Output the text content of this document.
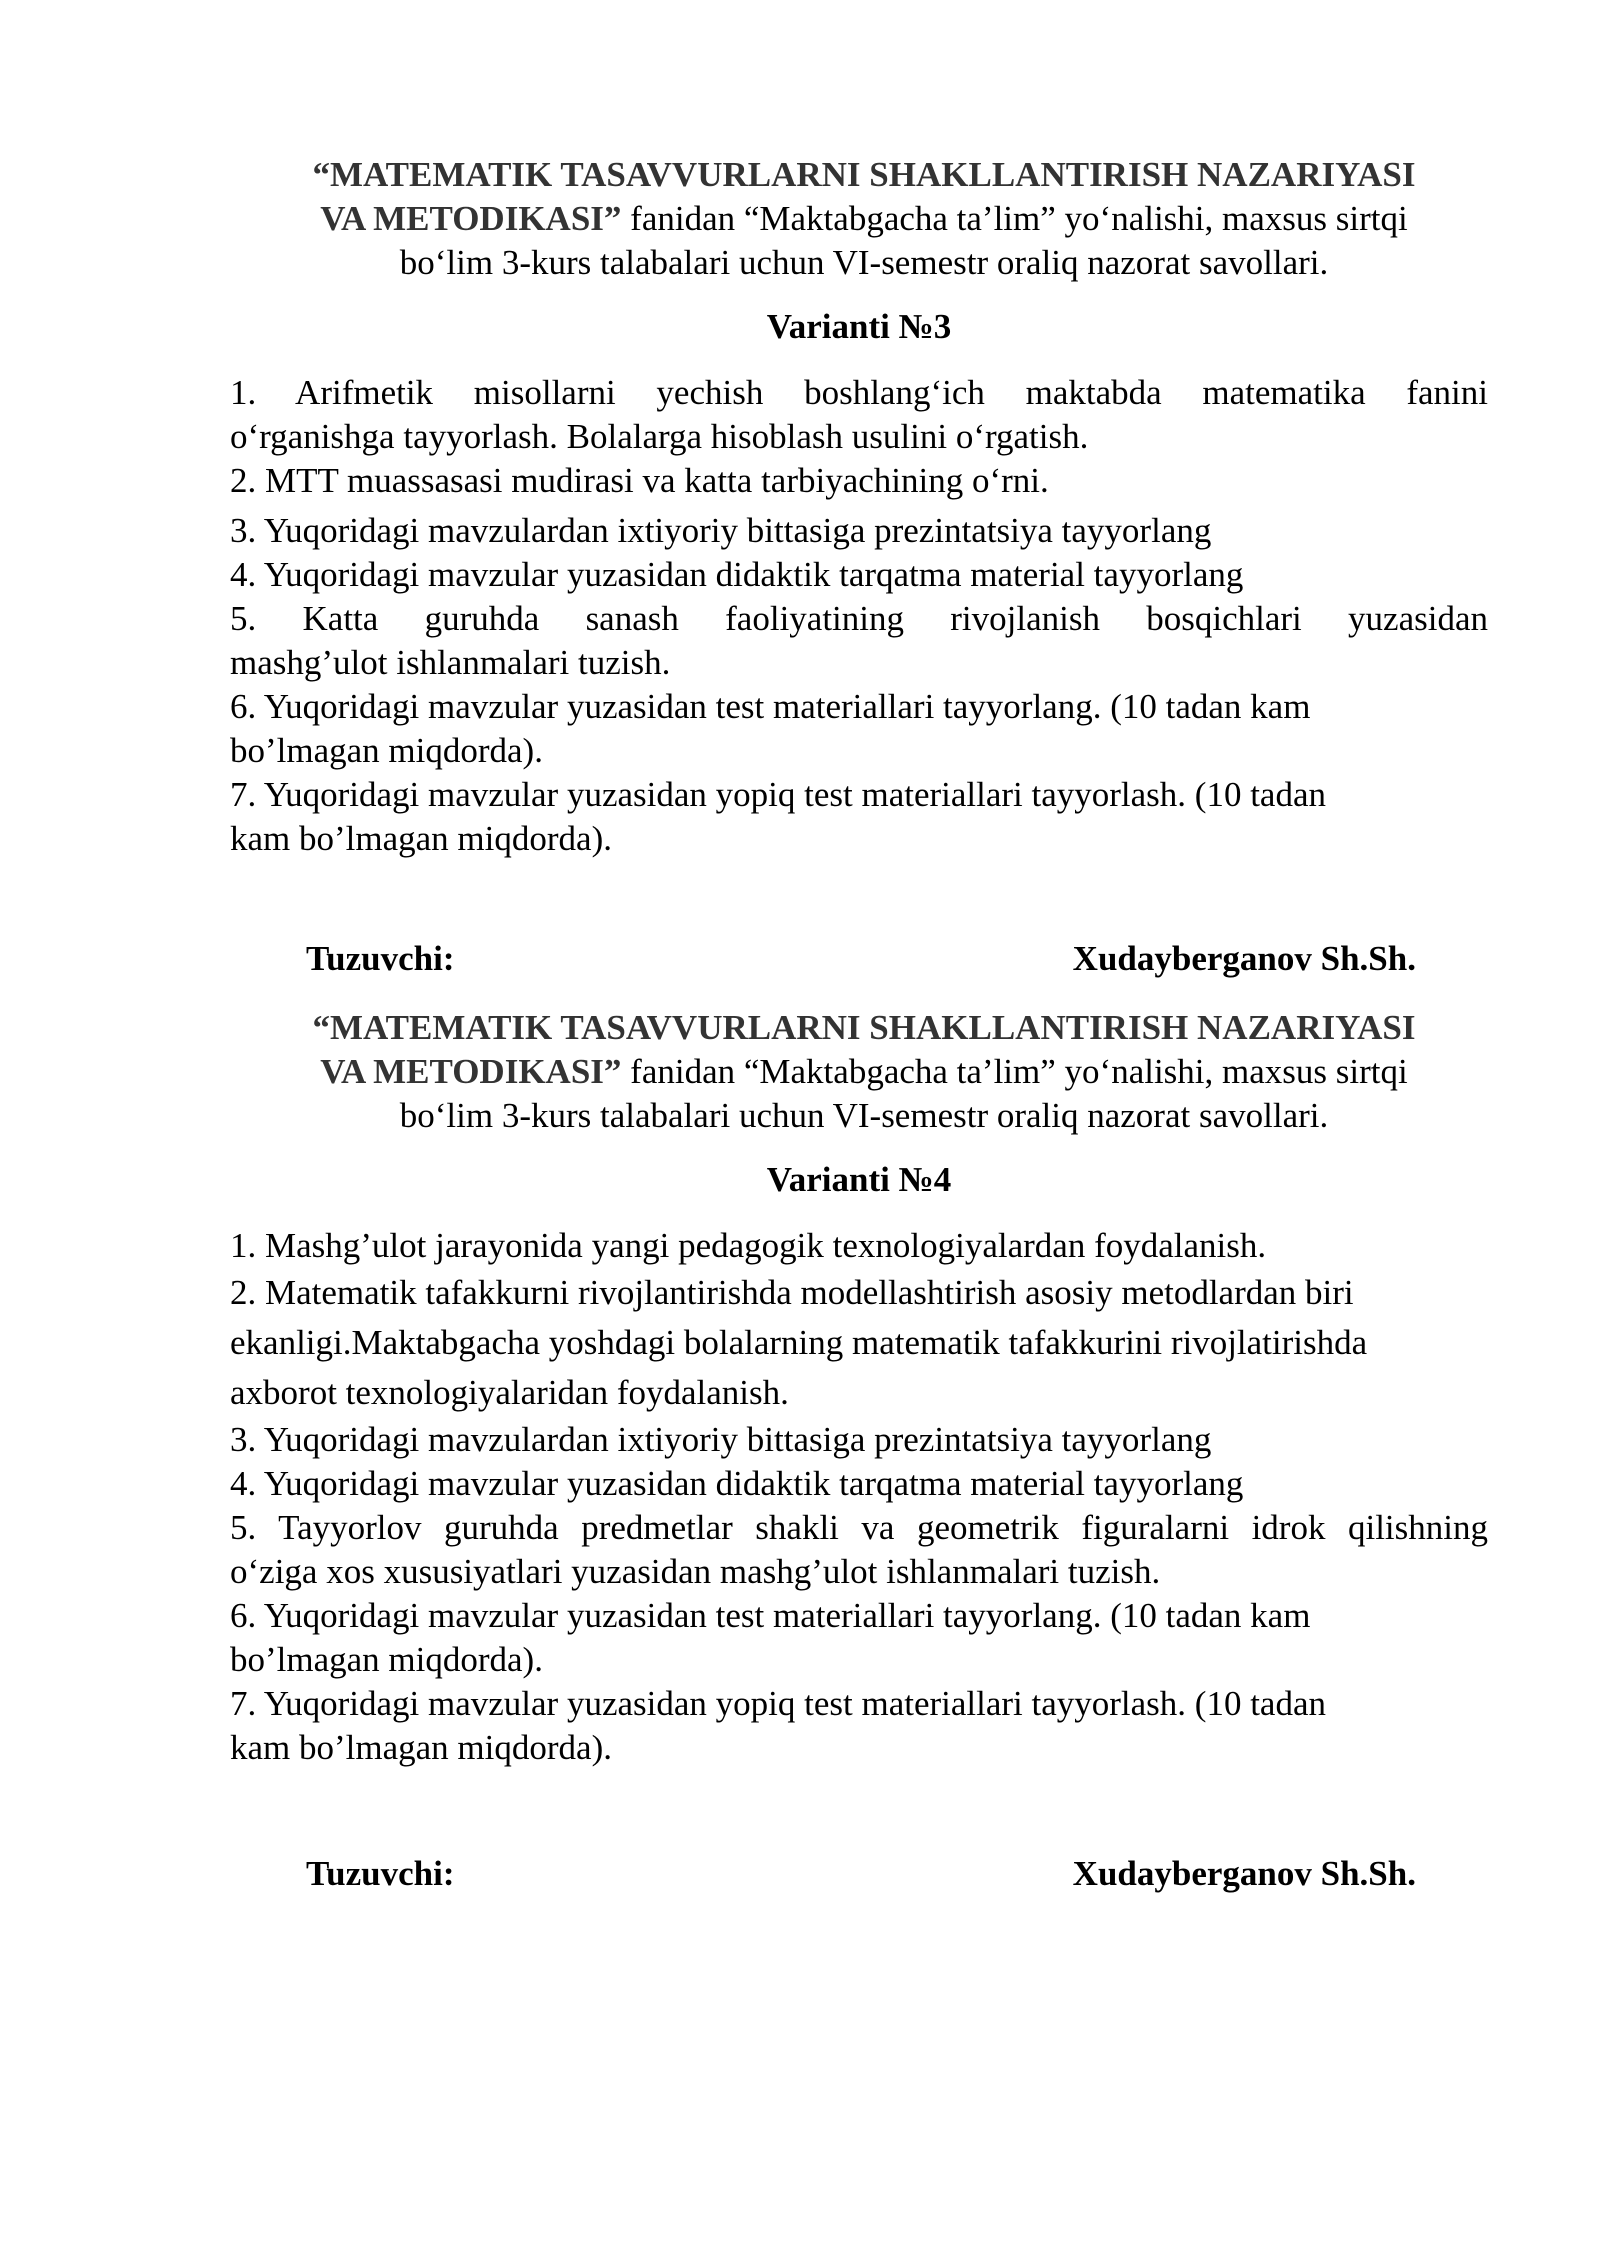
“MATEMATIK TASAVVURLARNI SHAKLLANTIRISH NAZARIYASI
VA METODIKASI” fanidan “Maktabgacha ta’lim” yo‘nalishi, maxsus sirtqi
bo‘lim 3-kurs talabalari uchun VI-semestr oraliq nazorat savollari.
Varianti №3
1. Arifmetik misollarni yechish boshlang‘ich maktabda matematika fanini
o‘rganishga tayyorlash. Bolalarga hisoblash usulini o‘rgatish.
2. MTT muassasasi mudirasi va katta tarbiyachining o‘rni.
3. Yuqoridagi mavzulardan ixtiyoriy bittasiga prezintatsiya tayyorlang
4. Yuqoridagi mavzular yuzasidan didaktik tarqatma material tayyorlang
5. Katta guruhda sanash faoliyatining rivojlanish bosqichlari yuzasidan
mashg’ulot ishlanmalari tuzish.
6. Yuqoridagi mavzular yuzasidan test materiallari tayyorlang. (10 tadan kam
bo’lmagan miqdorda).
7. Yuqoridagi mavzular yuzasidan yopiq test materiallari tayyorlash. (10 tadan
kam bo’lmagan miqdorda).
Tuzuvchi:	Xudayberganov Sh.Sh.
“MATEMATIK TASAVVURLARNI SHAKLLANTIRISH NAZARIYASI
VA METODIKASI” fanidan “Maktabgacha ta’lim” yo‘nalishi, maxsus sirtqi
bo‘lim 3-kurs talabalari uchun VI-semestr oraliq nazorat savollari.
Varianti №4
1. Mashg’ulot jarayonida yangi pedagogik texnologiyalardan foydalanish.
2. Matematik tafakkurni rivojlantirishda modellashtirish asosiy metodlardan biri
ekanligi.Maktabgacha yoshdagi bolalarning matematik tafakkurini rivojlatirishda
axborot texnologiyalaridan foydalanish.
3. Yuqoridagi mavzulardan ixtiyoriy bittasiga prezintatsiya tayyorlang
4. Yuqoridagi mavzular yuzasidan didaktik tarqatma material tayyorlang
5. Tayyorlov guruhda predmetlar shakli va geometrik figuralarni idrok qilishning
o‘ziga xos xususiyatlari yuzasidan mashg’ulot ishlanmalari tuzish.
6. Yuqoridagi mavzular yuzasidan test materiallari tayyorlang. (10 tadan kam
bo’lmagan miqdorda).
7. Yuqoridagi mavzular yuzasidan yopiq test materiallari tayyorlash. (10 tadan
kam bo’lmagan miqdorda).
Tuzuvchi:	Xudayberganov Sh.Sh.
